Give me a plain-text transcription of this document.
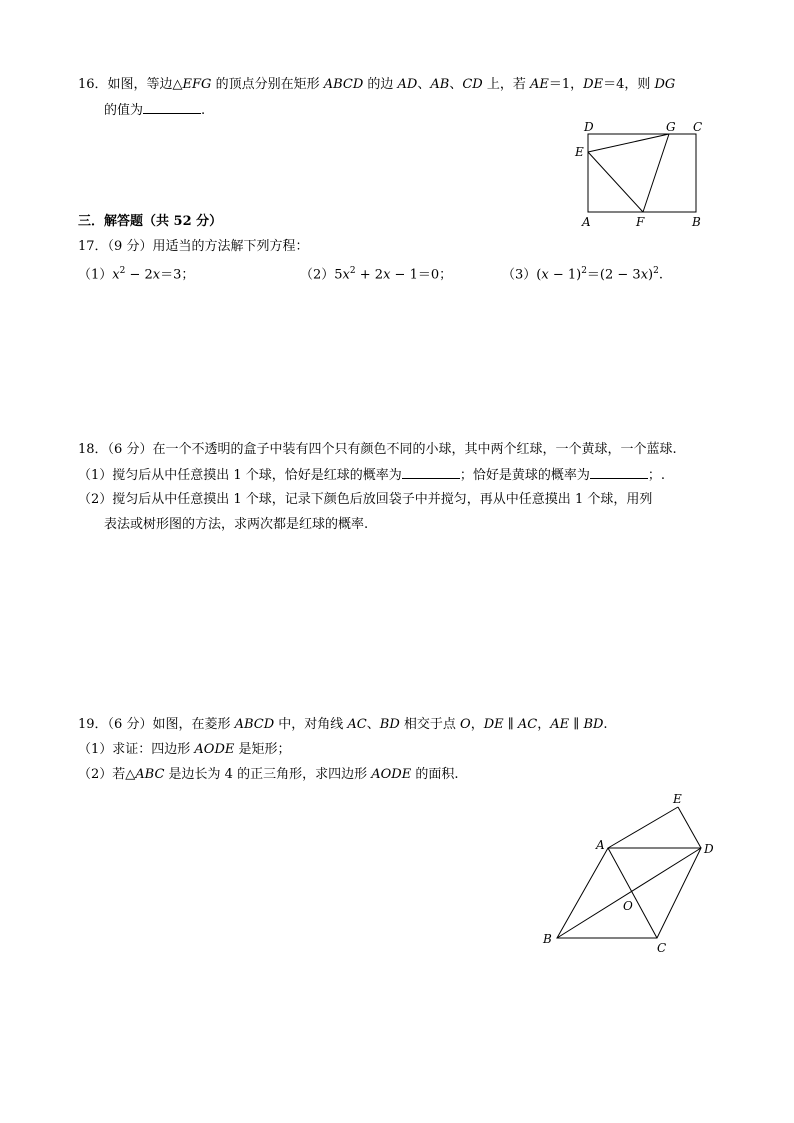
16．如图，等边△EFG 的顶点分别在矩形 ABCD 的边 AD、AB、CD 上，若 AE＝1，DE＝4，则 DG
的值为	.
D	G C
E
A	F	B
三．解答题（共 52 分）
17．（9 分）用适当的方法解下列方程：
$(1)x^2 - 2x=3$；	$(2)5x^2 + 2x - 1=0$；	$(3)(x - 1)^2=(2 - 3x)^2$.
18．（6 分）在一个不透明的盒子中装有四个只有颜色不同的小球，其中两个红球，一个黄球，一个蓝球.
（1）搅匀后从中任意摸出 1 个球，恰好是红球的概率为	；恰好是黄球的概率为	；.
（2）搅匀后从中任意摸出 1 个球，记录下颜色后放回袋子中并搅匀，再从中任意摸出 1 个球，用列
表法或树形图的方法，求两次都是红球的概率.
19．（6 分）如图，在菱形 ABCD 中，对角线 AC、BD 相交于点 O，DE ∥ AC，AE ∥ BD.
（1）求证：四边形 AODE 是矩形；
（2）若△ABC 是边长为 4 的正三角形，求四边形 AODE 的面积.
E
A	D
O
B
C
